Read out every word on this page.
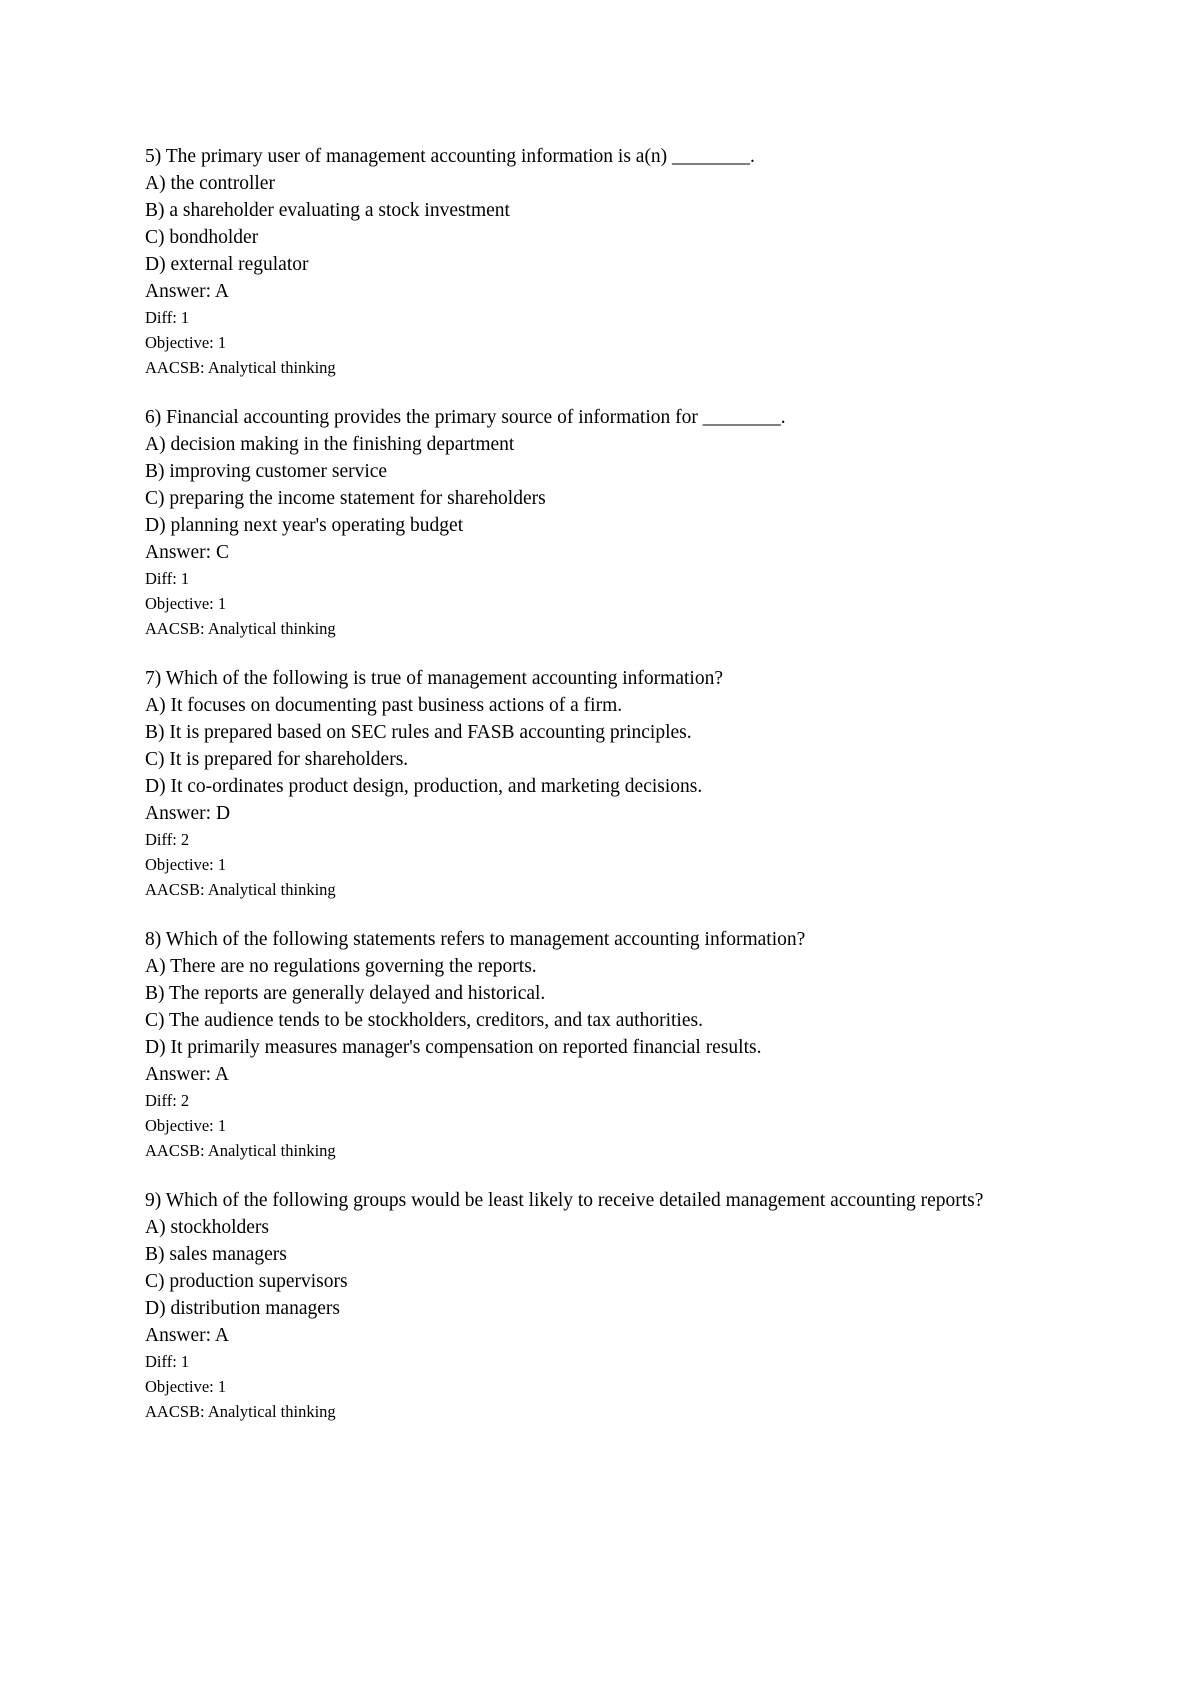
5) The primary user of management accounting information is a(n) ________.
A) the controller
B) a shareholder evaluating a stock investment
C) bondholder
D) external regulator
Answer: A
Diff: 1
Objective: 1
AACSB: Analytical thinking
6) Financial accounting provides the primary source of information for ________.
A) decision making in the finishing department
B) improving customer service
C) preparing the income statement for shareholders
D) planning next year's operating budget
Answer: C
Diff: 1
Objective: 1
AACSB: Analytical thinking
7) Which of the following is true of management accounting information?
A) It focuses on documenting past business actions of a firm.
B) It is prepared based on SEC rules and FASB accounting principles.
C) It is prepared for shareholders.
D) It co-ordinates product design, production, and marketing decisions.
Answer: D
Diff: 2
Objective: 1
AACSB: Analytical thinking
8) Which of the following statements refers to management accounting information?
A) There are no regulations governing the reports.
B) The reports are generally delayed and historical.
C) The audience tends to be stockholders, creditors, and tax authorities.
D) It primarily measures manager's compensation on reported financial results.
Answer: A
Diff: 2
Objective: 1
AACSB: Analytical thinking
9) Which of the following groups would be least likely to receive detailed management accounting reports?
A) stockholders
B) sales managers
C) production supervisors
D) distribution managers
Answer: A
Diff: 1
Objective: 1
AACSB: Analytical thinking
